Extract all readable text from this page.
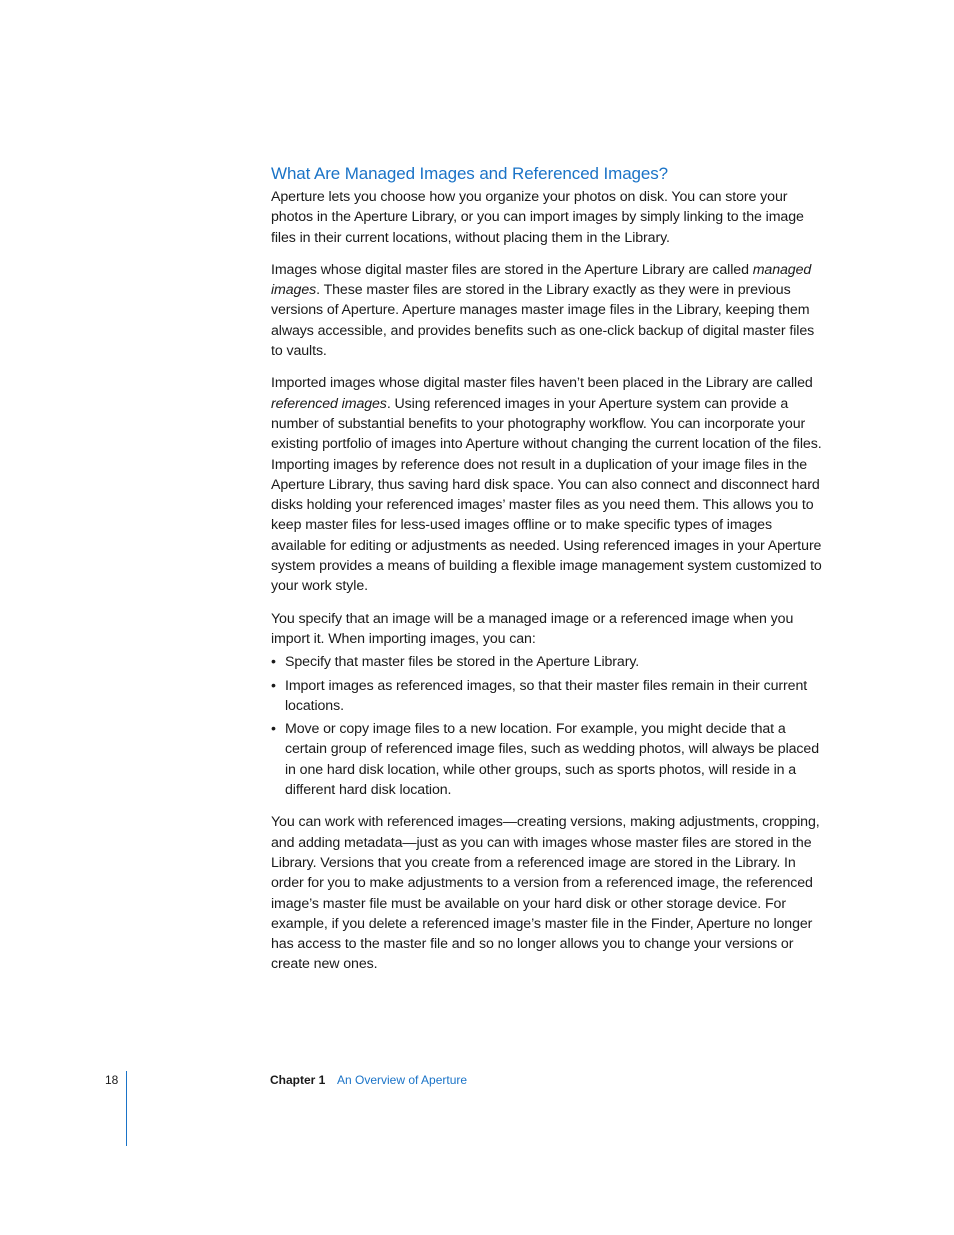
What Are Managed Images and Referenced Images?

Aperture lets you choose how you organize your photos on disk. You can store your photos in the Aperture Library, or you can import images by simply linking to the image files in their current locations, without placing them in the Library.

Images whose digital master files are stored in the Aperture Library are called managed images. These master files are stored in the Library exactly as they were in previous versions of Aperture. Aperture manages master image files in the Library, keeping them always accessible, and provides benefits such as one-click backup of digital master files to vaults.

Imported images whose digital master files haven’t been placed in the Library are called referenced images. Using referenced images in your Aperture system can provide a number of substantial benefits to your photography workflow. You can incorporate your existing portfolio of images into Aperture without changing the current location of the files. Importing images by reference does not result in a duplication of your image files in the Aperture Library, thus saving hard disk space. You can also connect and disconnect hard disks holding your referenced images’ master files as you need them. This allows you to keep master files for less-used images offline or to make specific types of images available for editing or adjustments as needed. Using referenced images in your Aperture system provides a means of building a flexible image management system customized to your work style.

You specify that an image will be a managed image or a referenced image when you import it. When importing images, you can:

• Specify that master files be stored in the Aperture Library.
• Import images as referenced images, so that their master files remain in their current locations.
• Move or copy image files to a new location. For example, you might decide that a certain group of referenced image files, such as wedding photos, will always be placed in one hard disk location, while other groups, such as sports photos, will reside in a different hard disk location.

You can work with referenced images—creating versions, making adjustments, cropping, and adding metadata—just as you can with images whose master files are stored in the Library. Versions that you create from a referenced image are stored in the Library. In order for you to make adjustments to a version from a referenced image, the referenced image’s master file must be available on your hard disk or other storage device. For example, if you delete a referenced image’s master file in the Finder, Aperture no longer has access to the master file and so no longer allows you to change your versions or create new ones.

18	Chapter 1 An Overview of Aperture
